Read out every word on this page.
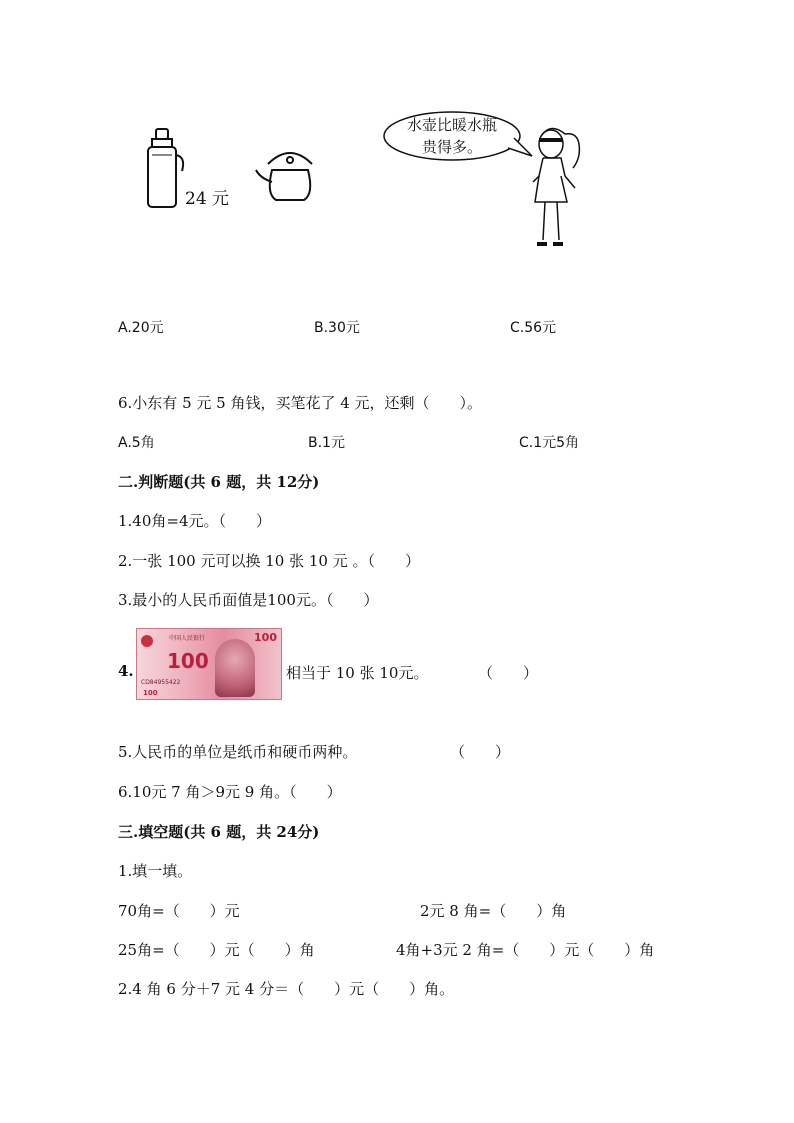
24 元
水壶比暖水瓶
贵得多。
A.20元	B.30元	C.56元
6.小东有 5 元 5 角钱，买笔花了 4 元，还剩（　　）。
A.5角	B.1元	C.1元5角
二.判断题(共 6 题，共 12分)
1.40角=4元。（　　）
2.一张 100 元可以换 10 张 10 元 。（　　）
3.最小的人民币面值是100元。（　　）
4.
中国人民银行	100
100
CD84955422
100
相当于 10 张 10元。	（　　）
5.人民币的单位是纸币和硬币两种。	（　　）
6.10元 7 角＞9元 9 角。（　　）
三.填空题(共 6 题，共 24分)
1.填一填。
70角=（　　）元	2元 8 角=（　　）角
25角=（　　）元（　　）角	4角+3元 2 角=（　　）元（　　）角
2.4 角 6 分＋7 元 4 分＝（　　）元（　　）角。
